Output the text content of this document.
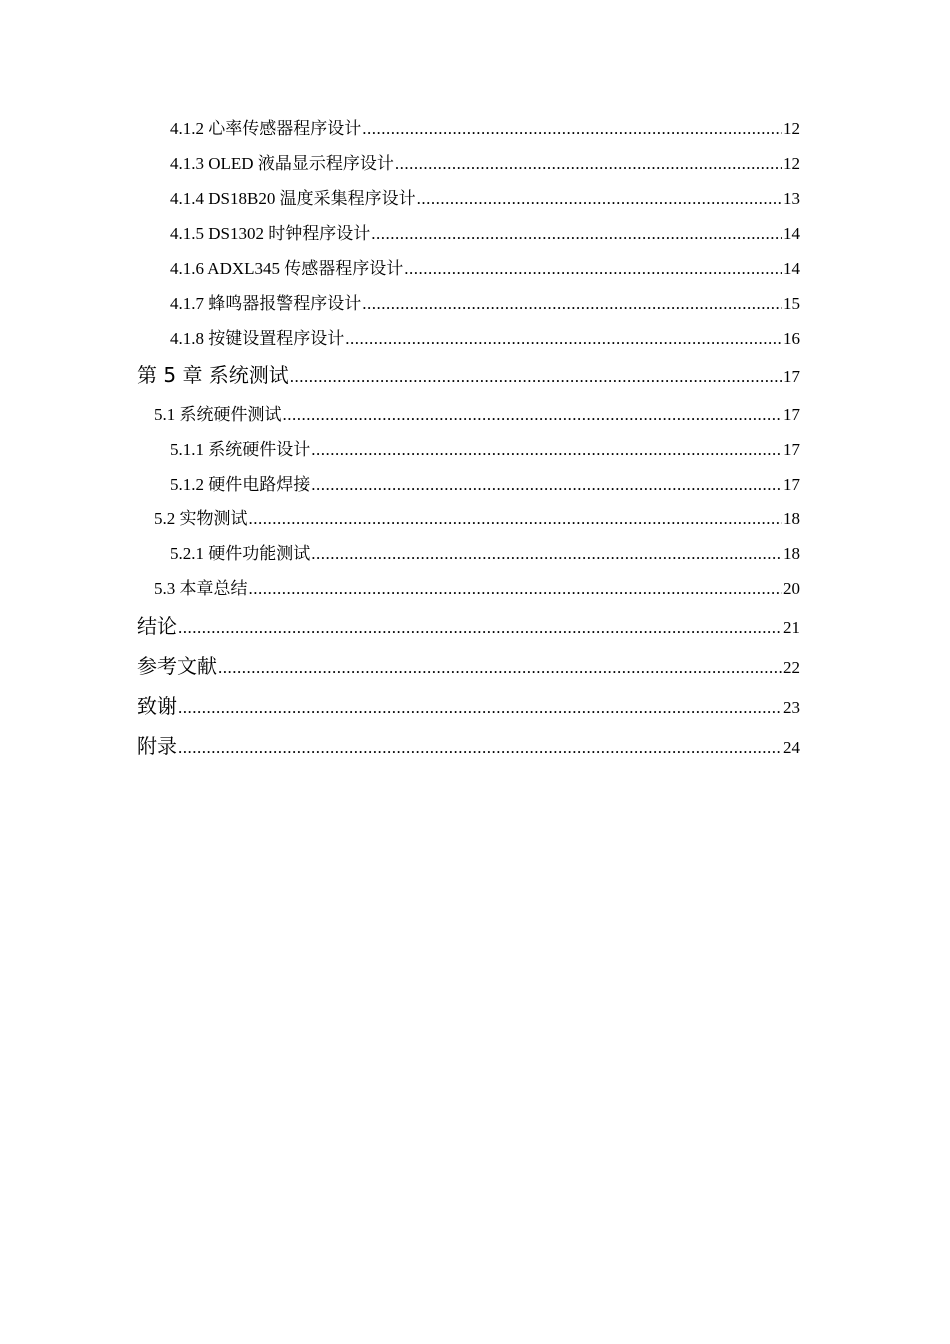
4.1.2 心率传感器程序设计 .....	12
4.1.3 OLED 液晶显示程序设计 .....	12
4.1.4 DS18B20 温度采集程序设计 .....	13
4.1.5 DS1302 时钟程序设计 .....	14
4.1.6 ADXL345 传感器程序设计 .....	14
4.1.7 蜂鸣器报警程序设计 .....	15
4.1.8 按键设置程序设计 .....	16
第 5 章 系统测试 .....	17
5.1 系统硬件测试 .....	17
5.1.1 系统硬件设计 .....	17
5.1.2 硬件电路焊接 .....	17
5.2 实物测试 .....	18
5.2.1 硬件功能测试 .....	18
5.3 本章总结 .....	20
结论 .....	21
参考文献 .....	22
致谢 .....	23
附录 .....	24
